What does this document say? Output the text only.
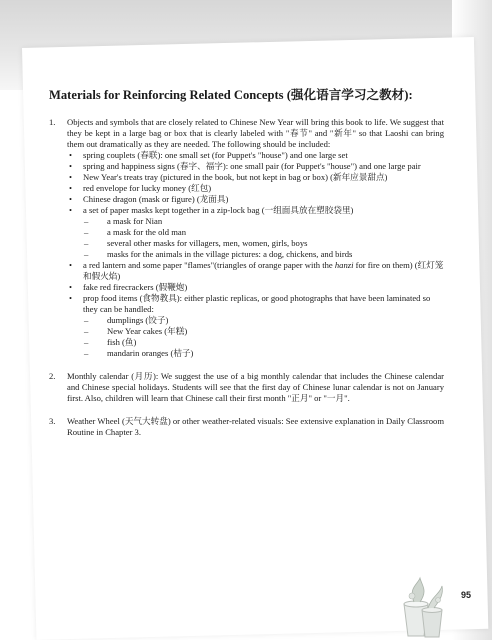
Materials for Reinforcing Related Concepts (强化语言学习之教材):
1.	Objects and symbols that are closely related to Chinese New Year will bring this book to life. We suggest that they be kept in a large bag or box that is clearly labeled with "春节" and "新年" so that Laoshi can bring them out dramatically as they are needed. The following should be included:

• spring couplets (春联): one small set (for Puppet's "house") and one large set
• spring and happiness signs (春字、福字): one small pair (for Puppet's "house") and one large pair
• New Year's treats tray (pictured in the book, but not kept in bag or box) (新年应景甜点)
• red envelope for lucky money (红包)
• Chinese dragon (mask or figure) (龙面具)
• a set of paper masks kept together in a zip-lock bag (一组面具放在塑胶袋里)
– a mask for Nian
– a mask for the old man
– several other masks for villagers, men, women, girls, boys
– masks for the animals in the village pictures: a dog, chickens, and birds
• a red lantern and some paper "flames"(triangles of orange paper with the hanzi for fire on them) (红灯笼和假火焰)
• fake red firecrackers (假鞭炮)
• prop food items (食物教具): either plastic replicas, or good photographs that have been laminated so they can be handled:
– dumplings (饺子)
– New Year cakes (年糕)
– fish (鱼)
– mandarin oranges (桔子)
2.	Monthly calendar (月历): We suggest the use of a big monthly calendar that includes the Chinese calendar and Chinese special holidays. Students will see that the first day of Chinese lunar calendar is not on January first. Also, children will learn that Chinese call their first month "正月" or "一月".

3.	Weather Wheel (天气大转盘) or other weather-related visuals: See extensive explanation in Daily Classroom Routine in Chapter 3.

95
